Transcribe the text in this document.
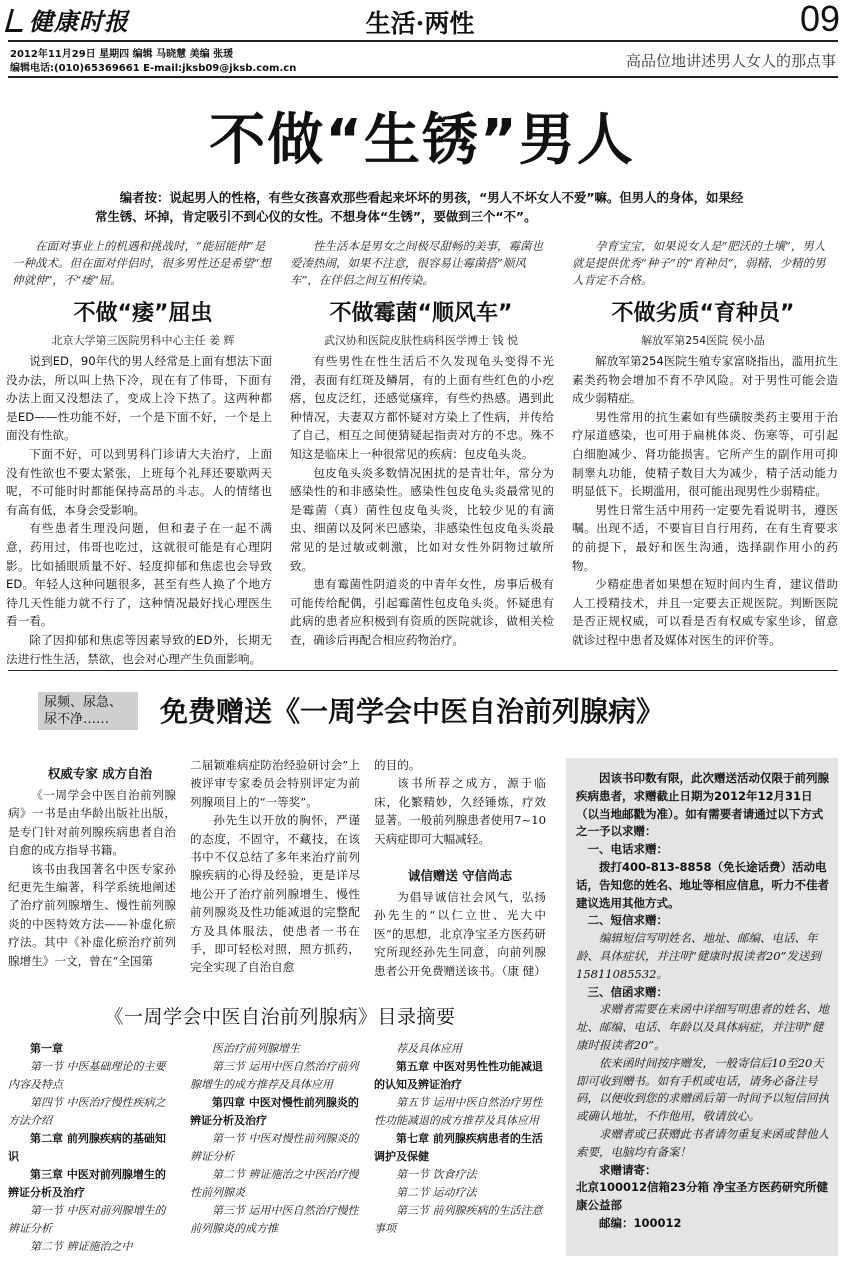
健康时报	生活·两性	09
2012年11月29日 星期四 编辑 马晓慧 美编 张瑗
编辑电话:(010)65369661 E-mail:jksb09@jksb.com.cn	高品位地讲述男人女人的那点事
不做“生锈”男人
编者按：说起男人的性格，有些女孩喜欢那些看起来坏坏的男孩，“男人不坏女人不爱”嘛。但男人的身体，如果经常生锈、坏掉，肯定吸引不到心仪的女性。不想身体“生锈”，要做到三个“不”。
在面对事业上的机遇和挑战时，“能屈能伸”是一种战术。但在面对伴侣时，很多男性还是希望“想伸就伸”，不“痿”屈。
不做“痿”屈虫
北京大学第三医院男科中心主任 姜 辉

说到ED，90年代的男人经常是上面有想法下面没办法，所以叫上热下冷，现在有了伟哥，下面有办法上面又没想法了，变成上冷下热了。这两种都是ED——性功能不好，一个是下面不好，一个是上面没有性欲。

下面不好，可以到男科门诊请大夫治疗，上面没有性欲也不要太紧张，上班每个礼拜还要歇两天呢，不可能时时都能保持高昂的斗志。人的情绪也有高有低，本身会受影响。

有些患者生理没问题，但和妻子在一起不满意，药用过，伟哥也吃过，这就很可能是有心理阴影。比如插眼质量不好、轻度抑郁和焦虑也会导致ED。年轻人这种问题很多，甚至有些人换了个地方待几天性能力就不行了，这种情况最好找心理医生看一看。

除了因抑郁和焦虑等因素导致的ED外，长期无法进行性生活，禁欲，也会对心理产生负面影响。

性生活本是男女之间极尽甜畅的美事，霉菌也爱凑热闹，如果不注意，很容易让霉菌搭“顺风车”，在伴侣之间互相传染。
不做霉菌“顺风车”
武汉协和医院皮肤性病科医学博士 钱 悦

有些男性在性生活后不久发现龟头变得不光滑，表面有红斑及鳞屑，有的上面有些红色的小疙瘩，包皮泛红，还感觉瘙痒，有些灼热感。遇到此种情况，夫妻双方都怀疑对方染上了性病，并传给了自己，相互之间便猜疑起指责对方的不忠。殊不知这是临床上一种很常见的疾病：包皮龟头炎。

包皮龟头炎多数情况困扰的是青壮年，常分为感染性的和非感染性。感染性包皮龟头炎最常见的是霉菌（真）菌性包皮龟头炎，比较少见的有滴虫、细菌以及阿米巴感染，非感染性包皮龟头炎最常见的是过敏或刺激，比如对女性外阴物过敏所致。

患有霉菌性阴道炎的中青年女性，房事后极有可能传给配偶，引起霉菌性包皮龟头炎。怀疑患有此病的患者应积极到有资质的医院就诊，做相关检查，确诊后再配合相应药物治疗。

孕育宝宝，如果说女人是“肥沃的土壤”，男人就是提供优秀“种子”的“育种员”，弱精、少精的男人肯定不合格。
不做劣质“育种员”
解放军第254医院 侯小晶

解放军第254医院生殖专家富晓指出，滥用抗生素类药物会增加不育不孕风险。对于男性可能会造成少弱精症。

男性常用的抗生素如有些磺胺类药主要用于治疗尿道感染，也可用于扁桃体炎、伤寒等，可引起白细胞减少、肾功能损害。它所产生的副作用可抑制睾丸功能，使精子数目大为减少，精子活动能力明显低下。长期滥用，很可能出现男性少弱精症。

男性日常生活中用药一定要先看说明书，遵医嘱。出现不适，不要盲目自行用药，在有生育要求的前提下，最好和医生沟通，选择副作用小的药物。

少精症患者如果想在短时间内生育，建议借助人工授精技术，并且一定要去正规医院。判断医院是否正规权威，可以看是否有权威专家坐诊，留意就诊过程中患者及媒体对医生的评价等。

尿频、尿急、尿不净……	免费赠送《一周学会中医自治前列腺病》
权威专家 成方自治

《一周学会中医自治前列腺病》一书是由华龄出版社出版，是专门针对前列腺疾病患者自治自愈的成方指导书籍。

该书由我国著名中医专家孙纪更先生编著，科学系统地阐述了治疗前列腺增生、慢性前列腺炎的中医特效方法——补虚化瘀疗法。其中《补虚化瘀治疗前列腺增生》一文，曾在“全国第

二届颖难病症防治经验研讨会”上被评审专家委员会特别评定为前列腺项目上的“一等奖”。

孙先生以开放的胸怀，严谨的态度，不固守，不藏技，在该书中不仅总结了多年来治疗前列腺疾病的心得及经验，更是详尽地公开了治疗前列腺增生、慢性前列腺炎及性功能减退的完整配方及具体服法，使患者一书在手，即可轻松对照，照方抓药，完全实现了自治自愈

的目的。

该书所荐之成方，源于临床，化繁精妙，久经锤炼，疗效显著。一般前列腺患者使用7~10天病症即可大幅减轻。

诚信赠送 守信尚志

为倡导诚信社会风气，弘扬孙先生的“以仁立世、光大中医”的思想，北京净宝圣方医药研究所现经孙先生同意，向前列腺患者公开免费赠送该书。（康 健）

因该书印数有限，此次赠送活动仅限于前列腺疾病患者，求赠截止日期为2012年12月31日（以当地邮戳为准）。如有需要者请通过以下方式之一予以求赠：
一、电话求赠：
拨打400-813-8858（免长途话费）活动电话，告知您的姓名、地址等相应信息，听力不佳者建议选用其他方式。
二、短信求赠：
编辑短信写明姓名、地址、邮编、电话、年龄、具体症状，并注明“健康时报读者20”发送到15811085532。
三、信函求赠：
求赠者需要在来函中详细写明患者的姓名、地址、邮编、电话、年龄以及具体病症，并注明“健康时报读者20”。
依来函时间按序赠发，一般寄信后10至20天即可收到赠书。如有手机或电话，请务必备注号码，以便收到您的求赠函后第一时间予以短信回执或确认地址，不作他用，敬请放心。
求赠者或已获赠此书者请勿重复来函或替他人索要，电脑均有备案！
求赠请寄：
北京100012信箱23分箱 净宝圣方医药研究所健康公益部
邮编：100012
《一周学会中医自治前列腺病》目录摘要
第一章
第一节 中医基础理论的主要内容及特点
第四节 中医治疗慢性疾病之方法介绍
第二章 前列腺疾病的基础知识
第三章 中医对前列腺增生的辨证分析及治疗
第一节 中医对前列腺增生的辨证分析
第二节 辨证施治之中
医治疗前列腺增生
第三节 运用中医自然治疗前列腺增生的成方推荐及具体应用
第四章 中医对慢性前列腺炎的辨证分析及治疗
第一节 中医对慢性前列腺炎的辨证分析
第二节 辨证施治之中医治疗慢性前列腺炎
第三节 运用中医自然治疗慢性前列腺炎的成方推
荐及具体应用
第五章 中医对男性性功能减退的认知及辨证治疗
第五节 运用中医自然治疗男性性功能减退的成方推荐及具体应用
第七章 前列腺疾病患者的生活调护及保健
第一节 饮食疗法
第二节 运动疗法
第三节 前列腺疾病的生活注意事项
